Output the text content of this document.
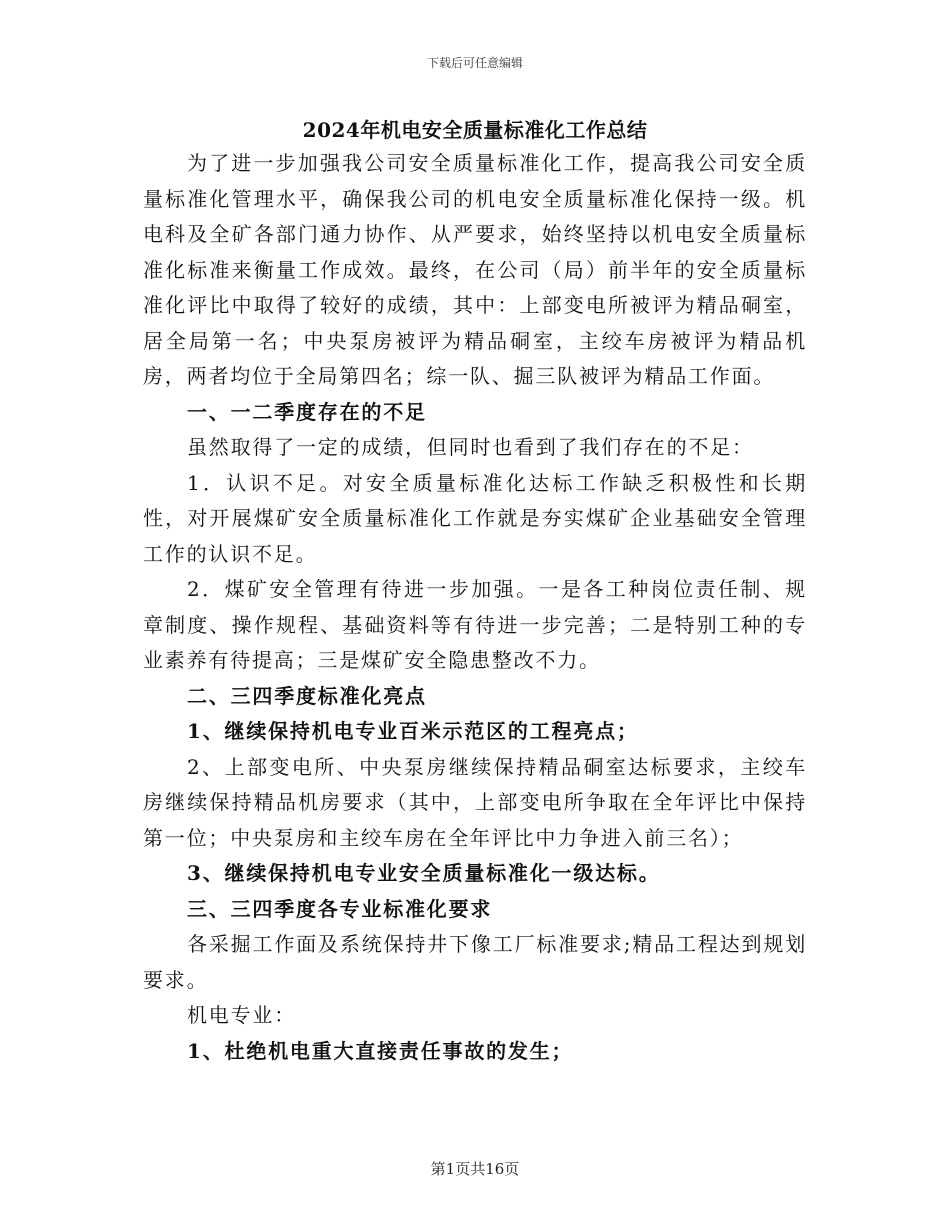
下载后可任意编辑
2024年机电安全质量标准化工作总结

为了进一步加强我公司安全质量标准化工作，提高我公司安全质量标准化管理水平，确保我公司的机电安全质量标准化保持一级。机电科及全矿各部门通力协作、从严要求，始终坚持以机电安全质量标准化标准来衡量工作成效。最终，在公司（局）前半年的安全质量标准化评比中取得了较好的成绩，其中：上部变电所被评为精品硐室，居全局第一名；中央泵房被评为精品硐室，主绞车房被评为精品机房，两者均位于全局第四名；综一队、掘三队被评为精品工作面。

一、一二季度存在的不足

虽然取得了一定的成绩，但同时也看到了我们存在的不足：

1．认识不足。对安全质量标准化达标工作缺乏积极性和长期性，对开展煤矿安全质量标准化工作就是夯实煤矿企业基础安全管理工作的认识不足。

2．煤矿安全管理有待进一步加强。一是各工种岗位责任制、规章制度、操作规程、基础资料等有待进一步完善；二是特别工种的专业素养有待提高；三是煤矿安全隐患整改不力。

二、三四季度标准化亮点

1、继续保持机电专业百米示范区的工程亮点；

2、上部变电所、中央泵房继续保持精品硐室达标要求，主绞车房继续保持精品机房要求（其中，上部变电所争取在全年评比中保持第一位；中央泵房和主绞车房在全年评比中力争进入前三名）；

3、继续保持机电专业安全质量标准化一级达标。

三、三四季度各专业标准化要求

各采掘工作面及系统保持井下像工厂标准要求;精品工程达到规划要求。

机电专业：

1、杜绝机电重大直接责任事故的发生；

第1页共16页
